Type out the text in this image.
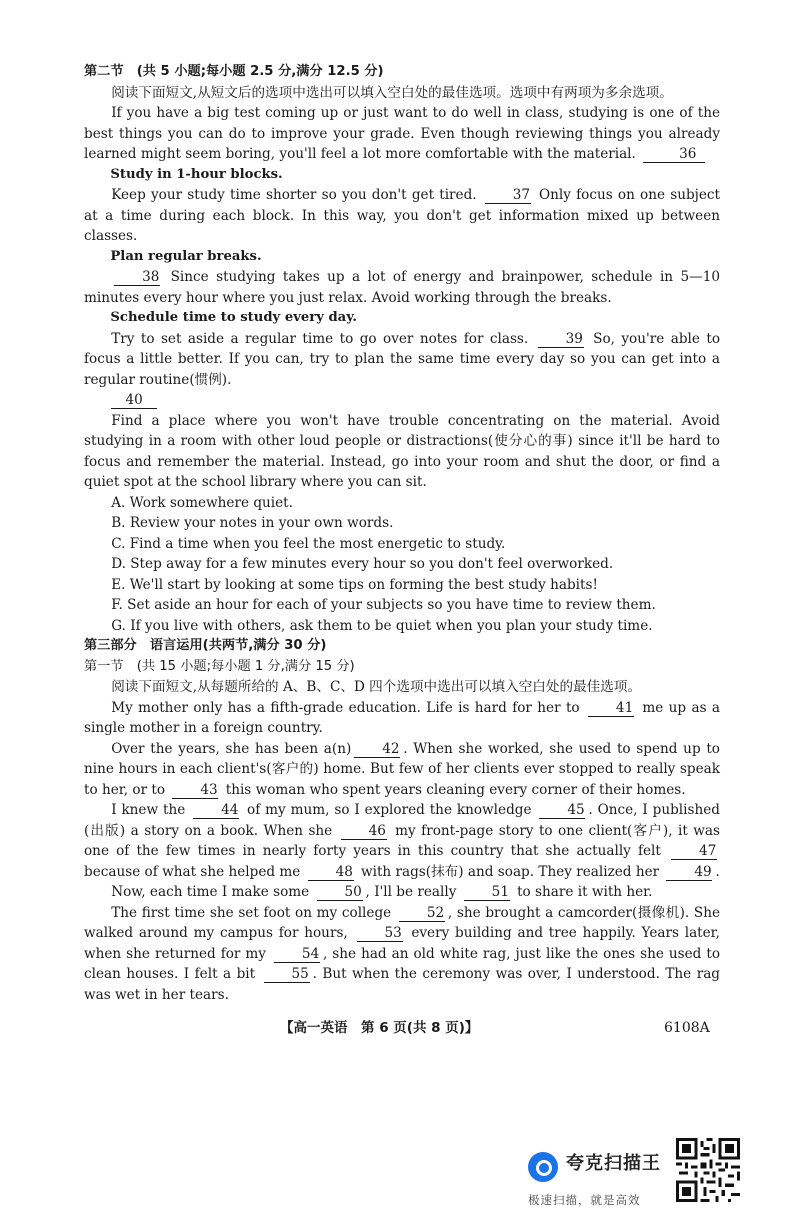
第二节　(共 5 小题;每小题 2.5 分,满分 12.5 分)

阅读下面短文,从短文后的选项中选出可以填入空白处的最佳选项。选项中有两项为多余选项。

If you have a big test coming up or just want to do well in class, studying is one of the best things you can do to improve your grade. Even though reviewing things you already learned might seem boring, you'll feel a lot more comfortable with the material.	36

Study in 1-hour blocks.

Keep your study time shorter so you don't get tired.	37 Only focus on one subject at a time during each block. In this way, you don't get information mixed up between classes.

Plan regular breaks.

38 Since studying takes up a lot of energy and brainpower, schedule in 5—10 minutes every hour where you just relax. Avoid working through the breaks.

Schedule time to study every day.

Try to set aside a regular time to go over notes for class.	39 So, you're able to focus a little better. If you can, try to plan the same time every day so you can get into a regular routine(惯例).

40

Find a place where you won't have trouble concentrating on the material. Avoid studying in a room with other loud people or distractions(使分心的事) since it'll be hard to focus and remember the material. Instead, go into your room and shut the door, or find a quiet spot at the school library where you can sit.

A. Work somewhere quiet.

B. Review your notes in your own words.

C. Find a time when you feel the most energetic to study.

D. Step away for a few minutes every hour so you don't feel overworked.

E. We'll start by looking at some tips on forming the best study habits!

F. Set aside an hour for each of your subjects so you have time to review them.

G. If you live with others, ask them to be quiet when you plan your study time.

第三部分　语言运用(共两节,满分 30 分)

第一节　(共 15 小题;每小题 1 分,满分 15 分)

阅读下面短文,从每题所给的 A、B、C、D 四个选项中选出可以填入空白处的最佳选项。

My mother only has a fifth-grade education. Life is hard for her to	41 me up as a single mother in a foreign country.

Over the years, she has been a(n) 42 . When she worked, she used to spend up to nine hours in each client's(客户的) home. But few of her clients ever stopped to really speak to her, or to	43 this woman who spent years cleaning every corner of their homes.

I knew the	44 of my mum, so I explored the knowledge	45 . Once, I published (出版) a story on a book. When she	46 my front-page story to one client(客户), it was one of the few times in nearly forty years in this country that she actually felt	47 because of what she helped me	48 with rags(抹布) and soap. They realized her	49 .

Now, each time I make some	50 , I'll be really	51 to share it with her.

The first time she set foot on my college	52 , she brought a camcorder(摄像机). She walked around my campus for hours,	53 every building and tree happily. Years later, when she returned for my	54 , she had an old white rag, just like the ones she used to clean houses. I felt a bit	55 . But when the ceremony was over, I understood. The rag was wet in her tears.

【高一英语　第 6 页(共 8 页)】	6108A
夸克扫描王
极速扫描，就是高效
